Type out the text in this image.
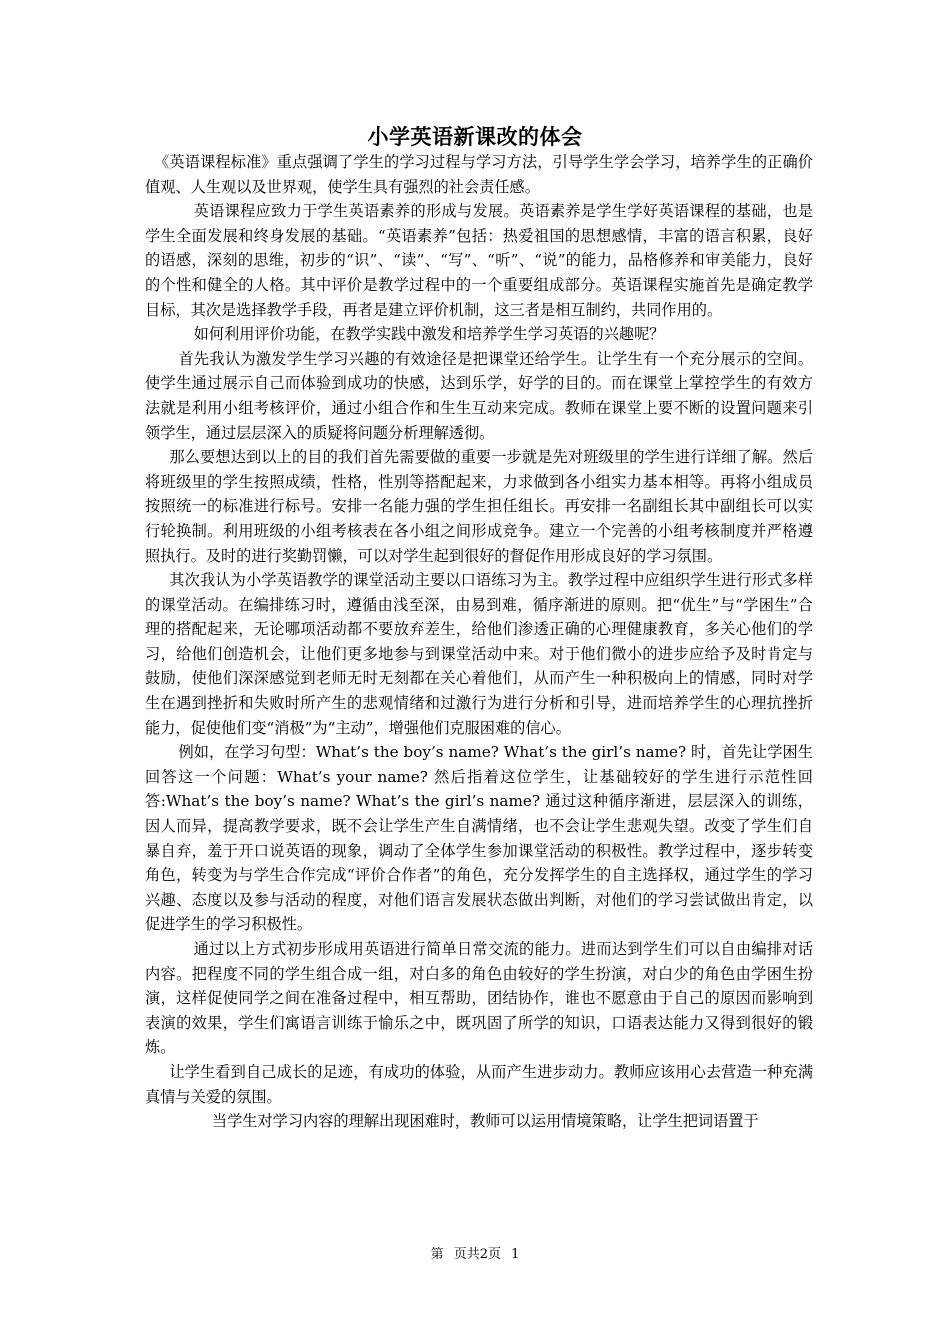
小学英语新课改的体会

《英语课程标准》重点强调了学生的学习过程与学习方法，引导学生学会学习，培养学生的正确价值观、人生观以及世界观，使学生具有强烈的社会责任感。

英语课程应致力于学生英语素养的形成与发展。英语素养是学生学好英语课程的基础，也是学生全面发展和终身发展的基础。“英语素养”包括：热爱祖国的思想感情，丰富的语言积累，良好的语感，深刻的思维，初步的“识”、“读”、“写”、“听”、“说”的能力，品格修养和审美能力，良好的个性和健全的人格。其中评价是教学过程中的一个重要组成部分。英语课程实施首先是确定教学目标，其次是选择教学手段，再者是建立评价机制，这三者是相互制约，共同作用的。

如何利用评价功能，在教学实践中激发和培养学生学习英语的兴趣呢？

首先我认为激发学生学习兴趣的有效途径是把课堂还给学生。让学生有一个充分展示的空间。使学生通过展示自己而体验到成功的快感，达到乐学，好学的目的。而在课堂上掌控学生的有效方法就是利用小组考核评价，通过小组合作和生生互动来完成。教师在课堂上要不断的设置问题来引领学生，通过层层深入的质疑将问题分析理解透彻。

那么要想达到以上的目的我们首先需要做的重要一步就是先对班级里的学生进行详细了解。然后将班级里的学生按照成绩，性格，性别等搭配起来，力求做到各小组实力基本相等。再将小组成员按照统一的标准进行标号。安排一名能力强的学生担任组长。再安排一名副组长其中副组长可以实行轮换制。利用班级的小组考核表在各小组之间形成竞争。建立一个完善的小组考核制度并严格遵照执行。及时的进行奖勤罚懒，可以对学生起到很好的督促作用形成良好的学习氛围。

其次我认为小学英语教学的课堂活动主要以口语练习为主。教学过程中应组织学生进行形式多样的课堂活动。在编排练习时，遵循由浅至深，由易到难，循序渐进的原则。把“优生”与“学困生”合理的搭配起来，无论哪项活动都不要放弃差生，给他们渗透正确的心理健康教育，多关心他们的学习，给他们创造机会，让他们更多地参与到课堂活动中来。对于他们微小的进步应给予及时肯定与鼓励，使他们深深感觉到老师无时无刻都在关心着他们，从而产生一种积极向上的情感，同时对学生在遇到挫折和失败时所产生的悲观情绪和过激行为进行分析和引导，进而培养学生的心理抗挫折能力，促使他们变“消极”为“主动”，增强他们克服困难的信心。

例如，在学习句型：What’s the boy’s name? What’s the girl’s name? 时，首先让学困生回答这一个问题：What’s your name? 然后指着这位学生，让基础较好的学生进行示范性回答:What’s the boy’s name? What’s the girl’s name? 通过这种循序渐进，层层深入的训练，因人而异，提高教学要求，既不会让学生产生自满情绪，也不会让学生悲观失望。改变了学生们自暴自弃，羞于开口说英语的现象，调动了全体学生参加课堂活动的积极性。教学过程中，逐步转变角色，转变为与学生合作完成“评价合作者”的角色，充分发挥学生的自主选择权，通过学生的学习兴趣、态度以及参与活动的程度，对他们语言发展状态做出判断，对他们的学习尝试做出肯定，以促进学生的学习积极性。

通过以上方式初步形成用英语进行简单日常交流的能力。进而达到学生们可以自由编排对话内容。把程度不同的学生组合成一组，对白多的角色由较好的学生扮演，对白少的角色由学困生扮演，这样促使同学之间在准备过程中，相互帮助，团结协作，谁也不愿意由于自己的原因而影响到表演的效果，学生们寓语言训练于愉乐之中，既巩固了所学的知识，口语表达能力又得到很好的锻炼。

让学生看到自己成长的足迹，有成功的体验，从而产生进步动力。教师应该用心去营造一种充满真情与关爱的氛围。

当学生对学习内容的理解出现困难时，教师可以运用情境策略，让学生把词语置于

第 页共2页 1
